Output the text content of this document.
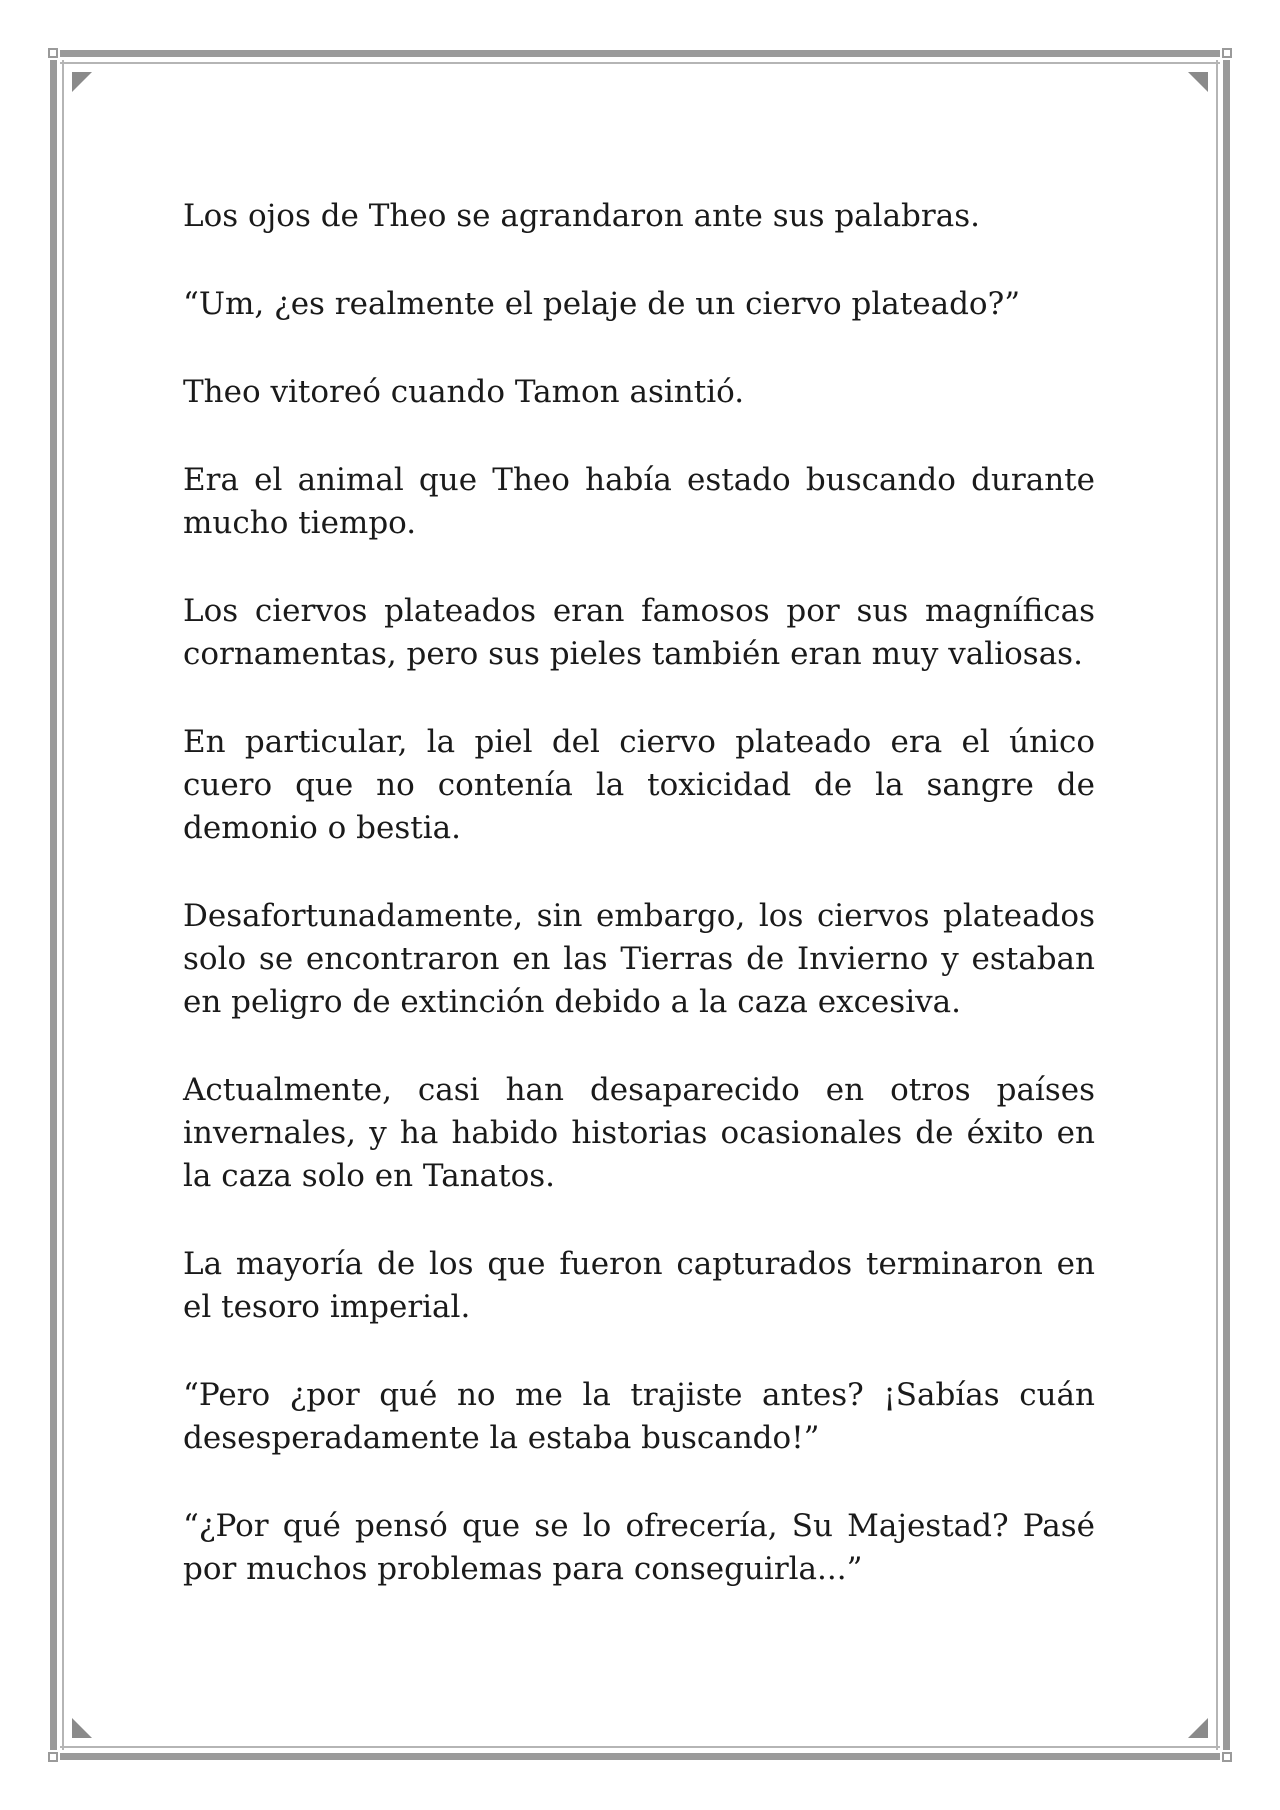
Los ojos de Theo se agrandaron ante sus palabras.

“Um, ¿es realmente el pelaje de un ciervo plateado?”

Theo vitoreó cuando Tamon asintió.

Era el animal que Theo había estado buscando durante mucho tiempo.

Los ciervos plateados eran famosos por sus magníficas cornamentas, pero sus pieles también eran muy valiosas.

En particular, la piel del ciervo plateado era el único cuero que no contenía la toxicidad de la sangre de demonio o bestia.

Desafortunadamente, sin embargo, los ciervos plateados solo se encontraron en las Tierras de Invierno y estaban en peligro de extinción debido a la caza excesiva.

Actualmente, casi han desaparecido en otros países invernales, y ha habido historias ocasionales de éxito en la caza solo en Tanatos.

La mayoría de los que fueron capturados terminaron en el tesoro imperial.

“Pero ¿por qué no me la trajiste antes? ¡Sabías cuán desesperadamente la estaba buscando!”

“¿Por qué pensó que se lo ofrecería, Su Majestad? Pasé por muchos problemas para conseguirla...”
